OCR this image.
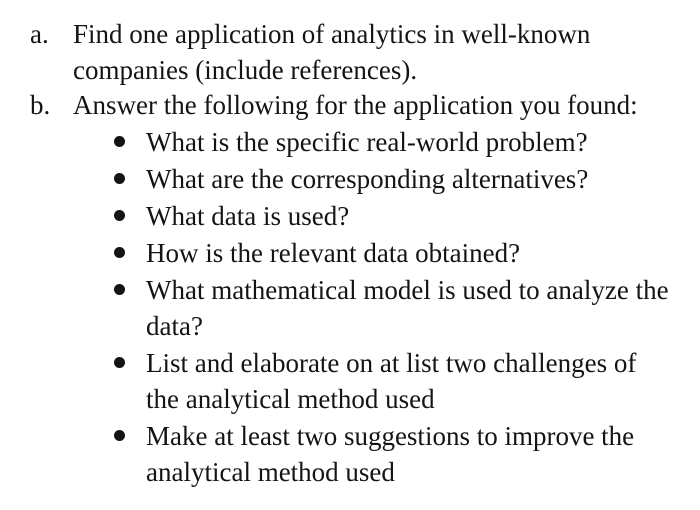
a. Find one application of analytics in well-known
companies (include references).
b. Answer the following for the application you found:
What is the specific real-world problem?
What are the corresponding alternatives?
What data is used?
How is the relevant data obtained?
What mathematical model is used to analyze the
data?
List and elaborate on at list two challenges of
the analytical method used
Make at least two suggestions to improve the
analytical method used
